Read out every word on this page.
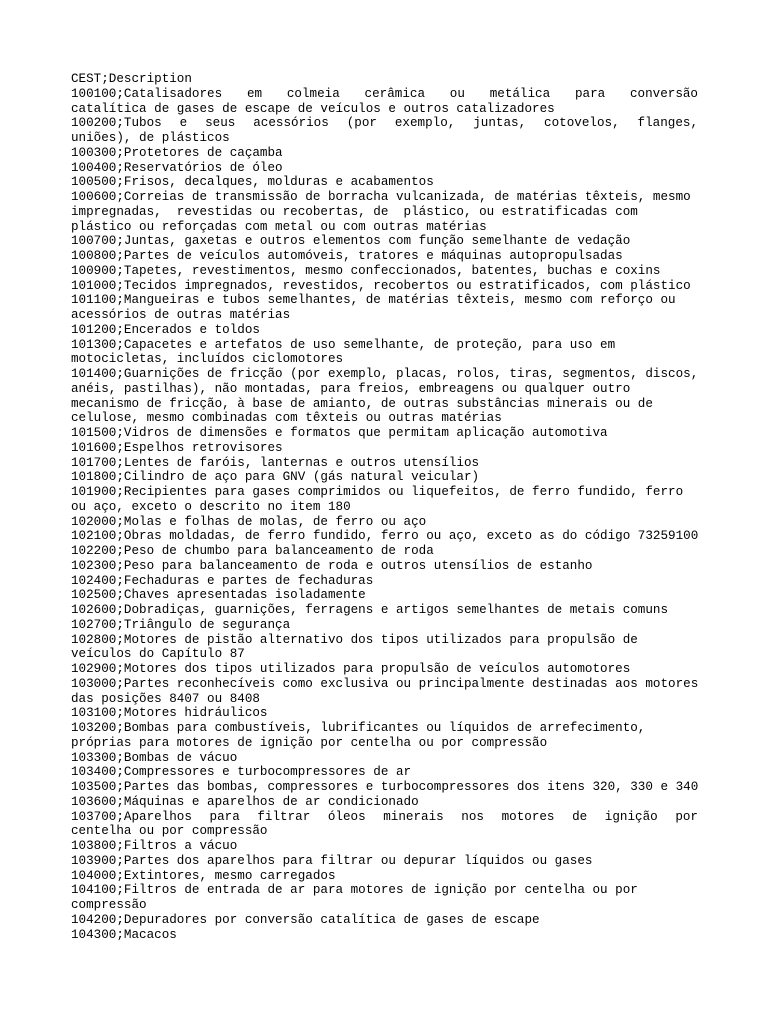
CEST;Description
100100;Catalisadores em colmeia cerâmica ou metálica para conversão
catalítica de gases de escape de veículos e outros catalizadores
100200;Tubos e seus acessórios (por exemplo, juntas, cotovelos, flanges,
uniões), de plásticos
100300;Protetores de caçamba
100400;Reservatórios de óleo
100500;Frisos, decalques, molduras e acabamentos
100600;Correias de transmissão de borracha vulcanizada, de matérias têxteis, mesmo
impregnadas,  revestidas ou recobertas, de  plástico, ou estratificadas com
plástico ou reforçadas com metal ou com outras matérias
100700;Juntas, gaxetas e outros elementos com função semelhante de vedação
100800;Partes de veículos automóveis, tratores e máquinas autopropulsadas
100900;Tapetes, revestimentos, mesmo confeccionados, batentes, buchas e coxins
101000;Tecidos impregnados, revestidos, recobertos ou estratificados, com plástico
101100;Mangueiras e tubos semelhantes, de matérias têxteis, mesmo com reforço ou
acessórios de outras matérias
101200;Encerados e toldos
101300;Capacetes e artefatos de uso semelhante, de proteção, para uso em
motocicletas, incluídos ciclomotores
101400;Guarnições de fricção (por exemplo, placas, rolos, tiras, segmentos, discos,
anéis, pastilhas), não montadas, para freios, embreagens ou qualquer outro
mecanismo de fricção, à base de amianto, de outras substâncias minerais ou de
celulose, mesmo combinadas com têxteis ou outras matérias
101500;Vidros de dimensões e formatos que permitam aplicação automotiva
101600;Espelhos retrovisores
101700;Lentes de faróis, lanternas e outros utensílios
101800;Cilindro de aço para GNV (gás natural veicular)
101900;Recipientes para gases comprimidos ou liquefeitos, de ferro fundido, ferro
ou aço, exceto o descrito no item 180
102000;Molas e folhas de molas, de ferro ou aço
102100;Obras moldadas, de ferro fundido, ferro ou aço, exceto as do código 73259100
102200;Peso de chumbo para balanceamento de roda
102300;Peso para balanceamento de roda e outros utensílios de estanho
102400;Fechaduras e partes de fechaduras
102500;Chaves apresentadas isoladamente
102600;Dobradiças, guarnições, ferragens e artigos semelhantes de metais comuns
102700;Triângulo de segurança
102800;Motores de pistão alternativo dos tipos utilizados para propulsão de
veículos do Capítulo 87
102900;Motores dos tipos utilizados para propulsão de veículos automotores
103000;Partes reconhecíveis como exclusiva ou principalmente destinadas aos motores
das posições 8407 ou 8408
103100;Motores hidráulicos
103200;Bombas para combustíveis, lubrificantes ou líquidos de arrefecimento,
próprias para motores de ignição por centelha ou por compressão
103300;Bombas de vácuo
103400;Compressores e turbocompressores de ar
103500;Partes das bombas, compressores e turbocompressores dos itens 320, 330 e 340
103600;Máquinas e aparelhos de ar condicionado
103700;Aparelhos para filtrar óleos minerais nos motores de ignição por
centelha ou por compressão
103800;Filtros a vácuo
103900;Partes dos aparelhos para filtrar ou depurar líquidos ou gases
104000;Extintores, mesmo carregados
104100;Filtros de entrada de ar para motores de ignição por centelha ou por
compressão
104200;Depuradores por conversão catalítica de gases de escape
104300;Macacos
